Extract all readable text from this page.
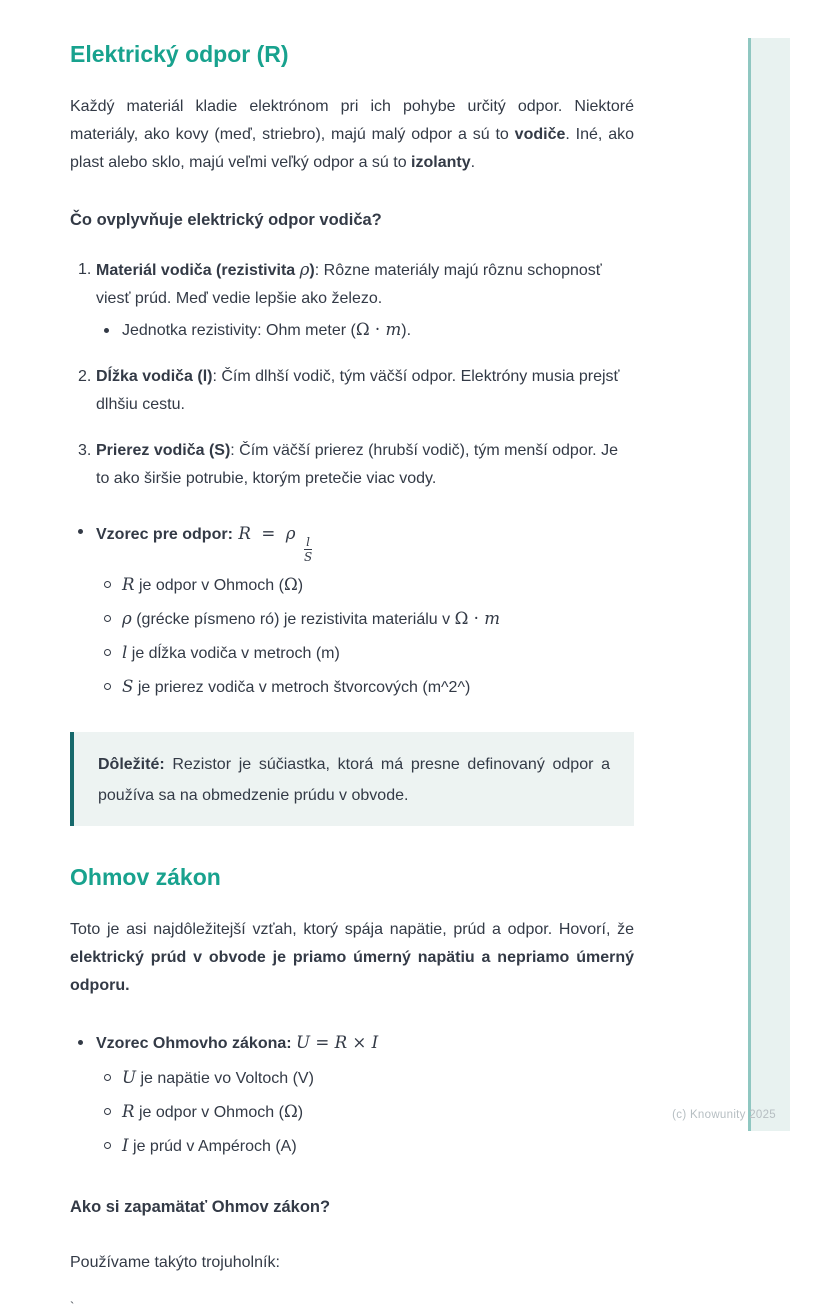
Elektrický odpor (R)

Každý materiál kladie elektrónom pri ich pohybe určitý odpor. Niektoré materiály, ako kovy (meď, striebro), majú malý odpor a sú to vodiče. Iné, ako plast alebo sklo, majú veľmi veľký odpor a sú to izolanty.

Čo ovplyvňuje elektrický odpor vodiča?
1. Materiál vodiča (rezistivita ρ): Rôzne materiály majú rôznu schopnosť viesť prúd. Meď vedie lepšie ako železo.
Jednotka rezistivity: Ohm meter (Ω · m).
2. Dĺžka vodiča (l): Čím dlhší vodič, tým väčší odpor. Elektróny musia prejsť dlhšiu cestu.
3. Prierez vodiča (S): Čím väčší prierez (hrubší vodič), tým menší odpor. Je to ako širšie potrubie, ktorým pretečie viac vody.
Vzorec pre odpor: R = ρ
$\frac{l}{S}$
R je odpor v Ohmoch (Ω)
ρ (grécke písmeno ró) je rezistivita materiálu v Ω · m
l je dĺžka vodiča v metroch (m)
S je prierez vodiča v metroch štvorcových (m^2^)

Dôležité: Rezistor je súčiastka, ktorá má presne definovaný odpor a používa sa na obmedzenie prúdu v obvode.

Ohmov zákon

Toto je asi najdôležitejší vzťah, ktorý spája napätie, prúd a odpor. Hovorí, že elektrický prúd v obvode je priamo úmerný napätiu a nepriamo úmerný odporu.

Vzorec Ohmovho zákona: U = R × I
U je napätie vo Voltoch (V)
R je odpor v Ohmoch (Ω)
I je prúd v Ampéroch (A)
Ako si zapamätať Ohmov zákon?

Používame takýto trojuholník:

`

(c) Knowunity 2025
